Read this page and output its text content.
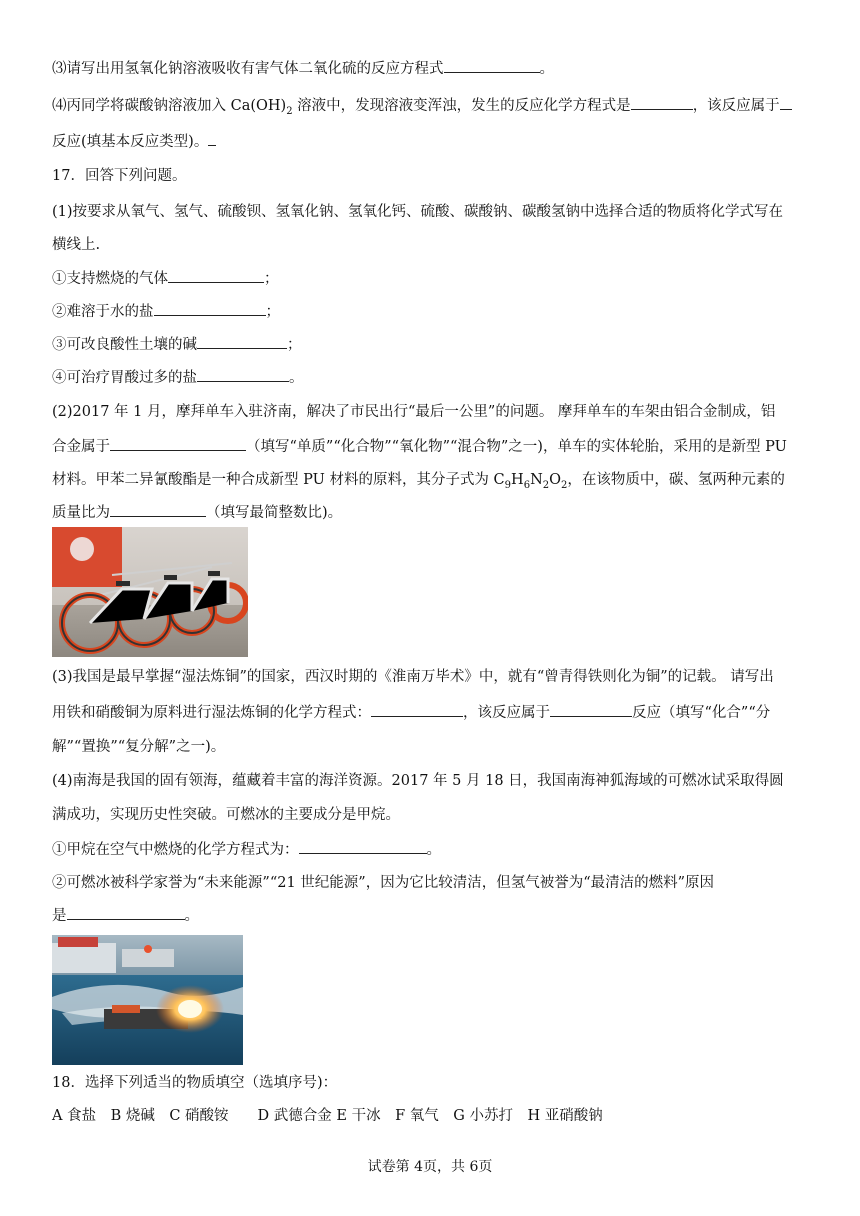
⑶请写出用氢氧化钠溶液吸收有害气体二氧化硫的反应方程式	。
⑷丙同学将碳酸钠溶液加入 $Ca(OH)_2$ 溶液中，发现溶液变浑浊，发生的反应化学方程式是	，该反应属于
反应(填基本反应类型)。
17．回答下列问题。
(1)按要求从氧气、氢气、硫酸钡、氢氧化钠、氢氧化钙、硫酸、碳酸钠、碳酸氢钠中选择合适的物质将化学式写在
横线上.
①支持燃烧的气体	；
②难溶于水的盐	；
③可改良酸性土壤的碱	；
④可治疗胃酸过多的盐	。
(2)2017 年 1 月，摩拜单车入驻济南，解决了市民出行“最后一公里”的问题。 摩拜单车的车架由铝合金制成，铝
合金属于	（填写“单质”“化合物”“氧化物”“混合物”之一)，单车的实体轮胎，采用的是新型 PU
材料。甲苯二异氰酸酯是一种合成新型 PU 材料的原料，其分子式为 $C_9H_6N_2O_2$，在该物质中，碳、氢两种元素的
质量比为	（填写最简整数比)。
(3)我国是最早掌握“湿法炼铜”的国家，西汉时期的《淮南万毕术》中，就有“曾青得铁则化为铜”的记载。 请写出
用铁和硝酸铜为原料进行湿法炼铜的化学方程式：	，该反应属于	反应（填写“化合”“分
解”“置换”“复分解”之一)。
(4)南海是我国的固有领海，蕴藏着丰富的海洋资源。2017 年 5 月 18 日，我国南海神狐海域的可燃冰试采取得圆
满成功，实现历史性突破。可燃冰的主要成分是甲烷。
①甲烷在空气中燃烧的化学方程式为：	。
②可燃冰被科学家誉为“未来能源”“21 世纪能源”，因为它比较清洁，但氢气被誉为“最清洁的燃料”原因
是	。
18．选择下列适当的物质填空（选填序号)：
A 食盐　B 烧碱　C 硝酸铵　　D 武德合金 E 干冰　F 氧气　G 小苏打　H 亚硝酸钠
试卷第 4页，共 6页
